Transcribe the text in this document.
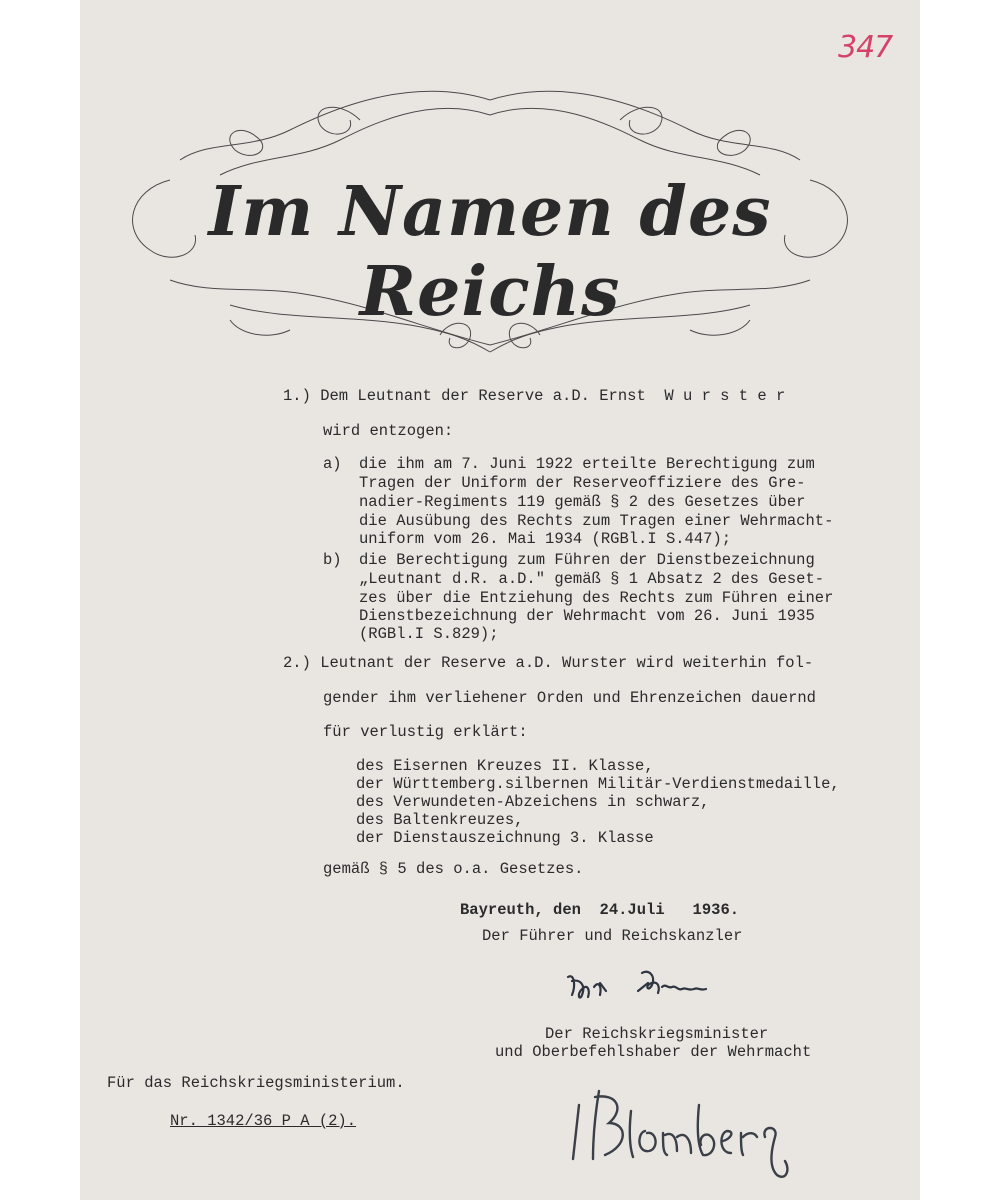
347
Im Namen des Reichs
1.) Dem Leutnant der Reserve a.D. Ernst  W u r s t e r
wird entzogen:
a) die ihm am 7. Juni 1922 erteilte Berechtigung zum
Tragen der Uniform der Reserveoffiziere des Gre-
nadier-Regiments 119 gemäß § 2 des Gesetzes über
die Ausübung des Rechts zum Tragen einer Wehrmacht-
uniform vom 26. Mai 1934 (RGBl.I S.447);
b) die Berechtigung zum Führen der Dienstbezeichnung
„Leutnant d.R. a.D." gemäß § 1 Absatz 2 des Geset-
zes über die Entziehung des Rechts zum Führen einer
Dienstbezeichnung der Wehrmacht vom 26. Juni 1935
(RGBl.I S.829);
2.) Leutnant der Reserve a.D. Wurster wird weiterhin fol-
gender ihm verliehener Orden und Ehrenzeichen dauernd
für verlustig erklärt:
des Eisernen Kreuzes II. Klasse,
der Württemberg.silbernen Militär-Verdienstmedaille,
des Verwundeten-Abzeichens in schwarz,
des Baltenkreuzes,
der Dienstauszeichnung 3. Klasse
gemäß § 5 des o.a. Gesetzes.
Bayreuth, den  24.Juli   1936.
Der Führer und Reichskanzler
Der Reichskriegsminister
und Oberbefehlshaber der Wehrmacht
Für das Reichskriegsministerium.
Nr. 1342/36 P A (2).
